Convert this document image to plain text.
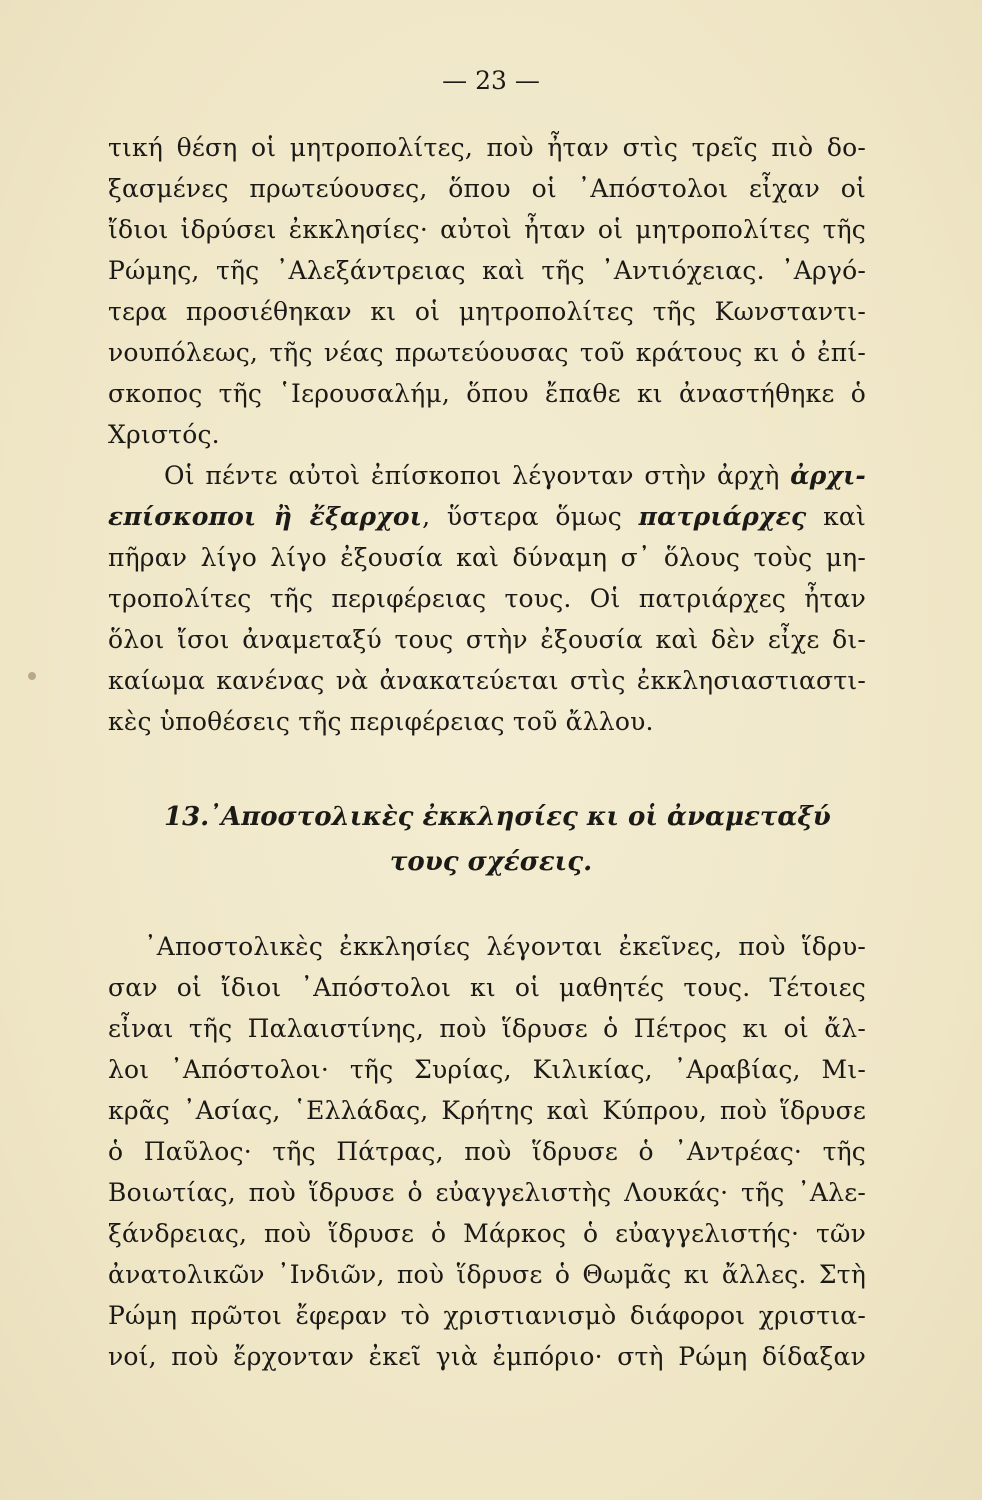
— 23 —
τική θέση οἱ μητροπολίτες, ποὺ ἦταν στὶς τρεῖς πιὸ δο-
ξασμένες πρωτεύουσες, ὅπου οἱ ᾿Απόστολοι εἶχαν οἱ
ἴδιοι ἱδρύσει ἐκκλησίες· αὐτοὶ ἦταν οἱ μητροπολίτες τῆς
Ρώμης, τῆς ᾿Αλεξάντρειας καὶ τῆς ᾿Αντιόχειας. ᾿Αργό-
τερα προσιέθηκαν κι οἱ μητροπολίτες τῆς Κωνσταντι-
νουπόλεως, τῆς νέας πρωτεύουσας τοῦ κράτους κι ὁ ἐπί-
σκοπος τῆς ῾Ιερουσαλήμ, ὅπου ἔπαθε κι ἀναστήθηκε ὁ
Χριστός.
Οἱ πέντε αὐτοὶ ἐπίσκοποι λέγονταν στὴν ἀρχὴ ἀρχι-
επίσκοποι ἢ ἔξαρχοι, ὕστερα ὅμως πατριάρχες καὶ
πῆραν λίγο λίγο ἐξουσία καὶ δύναμη σ᾿ ὅλους τοὺς μη-
τροπολίτες τῆς περιφέρειας τους. Οἱ πατριάρχες ἦταν
ὅλοι ἴσοι ἀναμεταξύ τους στὴν ἐξουσία καὶ δὲν εἶχε δι-
καίωμα κανένας νὰ ἀνακατεύεται στὶς ἐκκλησιαστιαστι-
κὲς ὑποθέσεις τῆς περιφέρειας τοῦ ἄλλου.
13.
᾿Αποστολικὲς ἐκκλησίες κι οἱ ἀναμεταξύ
τους σχέσεις.
᾿Αποστολικὲς ἐκκλησίες λέγονται ἐκεῖνες, ποὺ ἵδρυ-
σαν οἱ ἴδιοι ᾿Απόστολοι κι οἱ μαθητές τους. Τέτοιες
εἶναι τῆς Παλαιστίνης, ποὺ ἵδρυσε ὁ Πέτρος κι οἱ ἄλ-
λοι ᾿Απόστολοι· τῆς Συρίας, Κιλικίας, ᾿Αραβίας, Μι-
κρᾶς ᾿Ασίας, ῾Ελλάδας, Κρήτης καὶ Κύπρου, ποὺ ἵδρυσε
ὁ Παῦλος· τῆς Πάτρας, ποὺ ἵδρυσε ὁ ᾿Αντρέας· τῆς
Βοιωτίας, ποὺ ἵδρυσε ὁ εὐαγγελιστὴς Λουκάς· τῆς ᾿Αλε-
ξάνδρειας, ποὺ ἵδρυσε ὁ Μάρκος ὁ εὐαγγελιστής· τῶν
ἀνατολικῶν ᾿Ινδιῶν, ποὺ ἵδρυσε ὁ Θωμᾶς κι ἄλλες. Στὴ
Ρώμη πρῶτοι ἔφεραν τὸ χριστιανισμὸ διάφοροι χριστια-
νοί, ποὺ ἔρχονταν ἐκεῖ γιὰ ἐμπόριο· στὴ Ρώμη δίδαξαν
